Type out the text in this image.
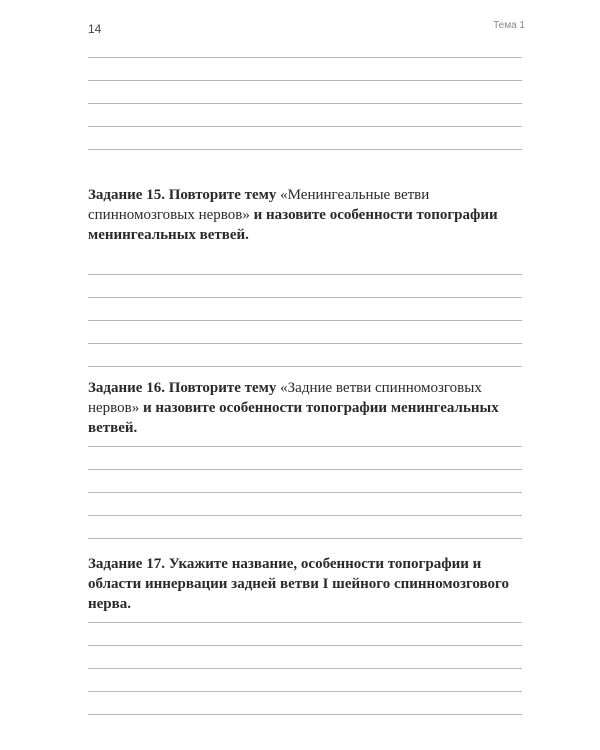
14	Тема 1
Задание 15. Повторите тему «Менингеальные ветви спинномозговых нервов» и назовите особенности топографии менингеальных ветвей.
Задание 16. Повторите тему «Задние ветви спинномозговых нервов» и назовите особенности топографии менингеальных ветвей.
Задание 17. Укажите название, особенности топографии и области иннервации задней ветви I шейного спинномозгового нерва.
